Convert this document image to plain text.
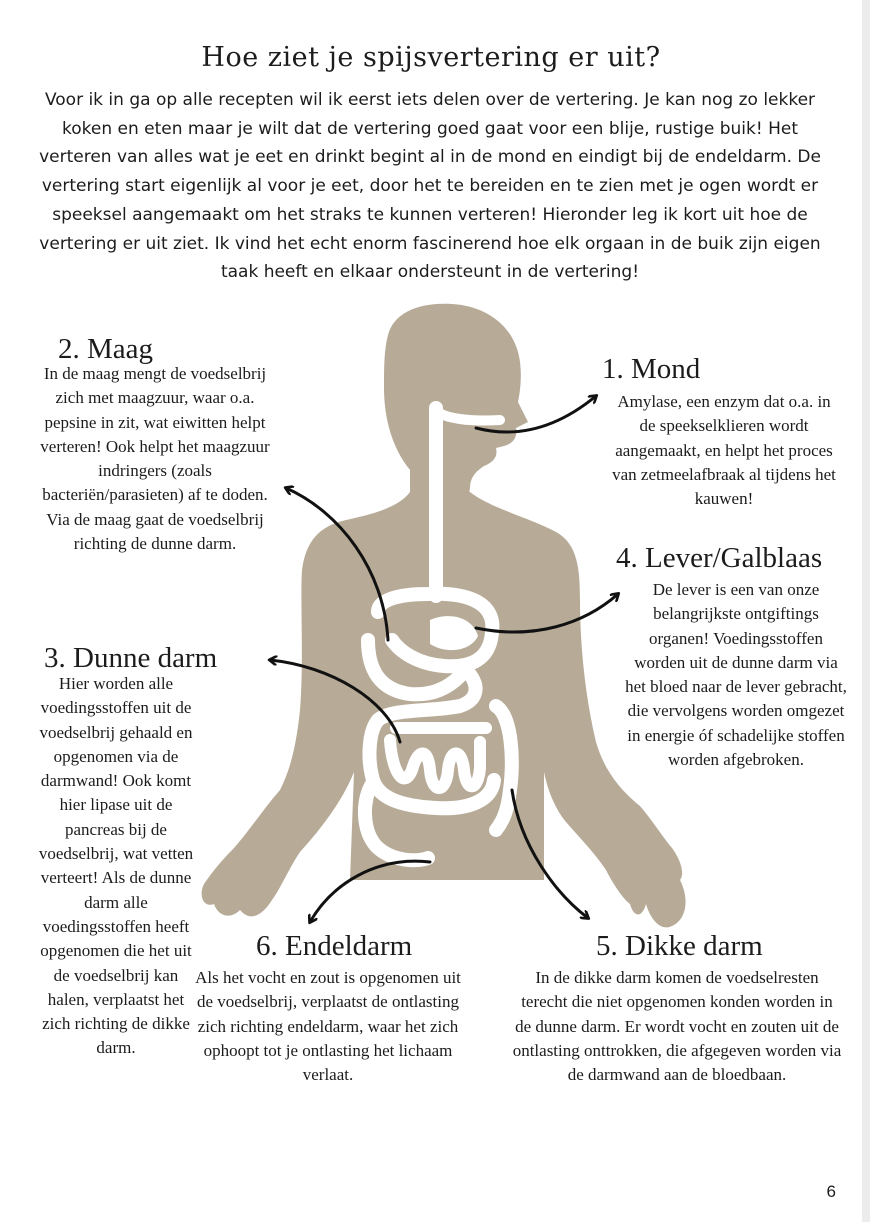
Hoe ziet je spijsvertering er uit?
Voor ik in ga op alle recepten wil ik eerst iets delen over de vertering. Je kan nog zo lekker koken en eten maar je wilt dat de vertering goed gaat voor een blije, rustige buik! Het verteren van alles wat je eet en drinkt begint al in de mond en eindigt bij de endeldarm. De vertering start eigenlijk al voor je eet, door het te bereiden en te zien met je ogen wordt er speeksel aangemaakt om het straks te kunnen verteren! Hieronder leg ik kort uit hoe de vertering er uit ziet. Ik vind het echt enorm fascinerend hoe elk orgaan in de buik zijn eigen taak heeft en elkaar ondersteunt in de vertering!
1. Mond

Amylase, een enzym dat o.a. in de speekselklieren wordt aangemaakt, en helpt het proces van zetmeelafbraak al tijdens het kauwen!

2. Maag

In de maag mengt de voedselbrij zich met maagzuur, waar o.a. pepsine in zit, wat eiwitten helpt verteren! Ook helpt het maagzuur indringers (zoals bacteriën/parasieten) af te doden. Via de maag gaat de voedselbrij richting de dunne darm.

3. Dunne darm

Hier worden alle voedingsstoffen uit de voedselbrij gehaald en opgenomen via de darmwand! Ook komt hier lipase uit de pancreas bij de voedselbrij, wat vetten verteert! Als de dunne darm alle voedingsstoffen heeft opgenomen die het uit de voedselbrij kan halen, verplaatst het zich richting de dikke darm.

4. Lever/Galblaas

De lever is een van onze belangrijkste ontgiftings organen! Voedingsstoffen worden uit de dunne darm via het bloed naar de lever gebracht, die vervolgens worden omgezet in energie óf schadelijke stoffen worden afgebroken.

5. Dikke darm

In de dikke darm komen de voedselresten terecht die niet opgenomen konden worden in de dunne darm. Er wordt vocht en zouten uit de ontlasting onttrokken, die afgegeven worden via de darmwand aan de bloedbaan.

6. Endeldarm

Als het vocht en zout is opgenomen uit de voedselbrij, verplaatst de ontlasting zich richting endeldarm, waar het zich ophoopt tot je ontlasting het lichaam verlaat.

6
